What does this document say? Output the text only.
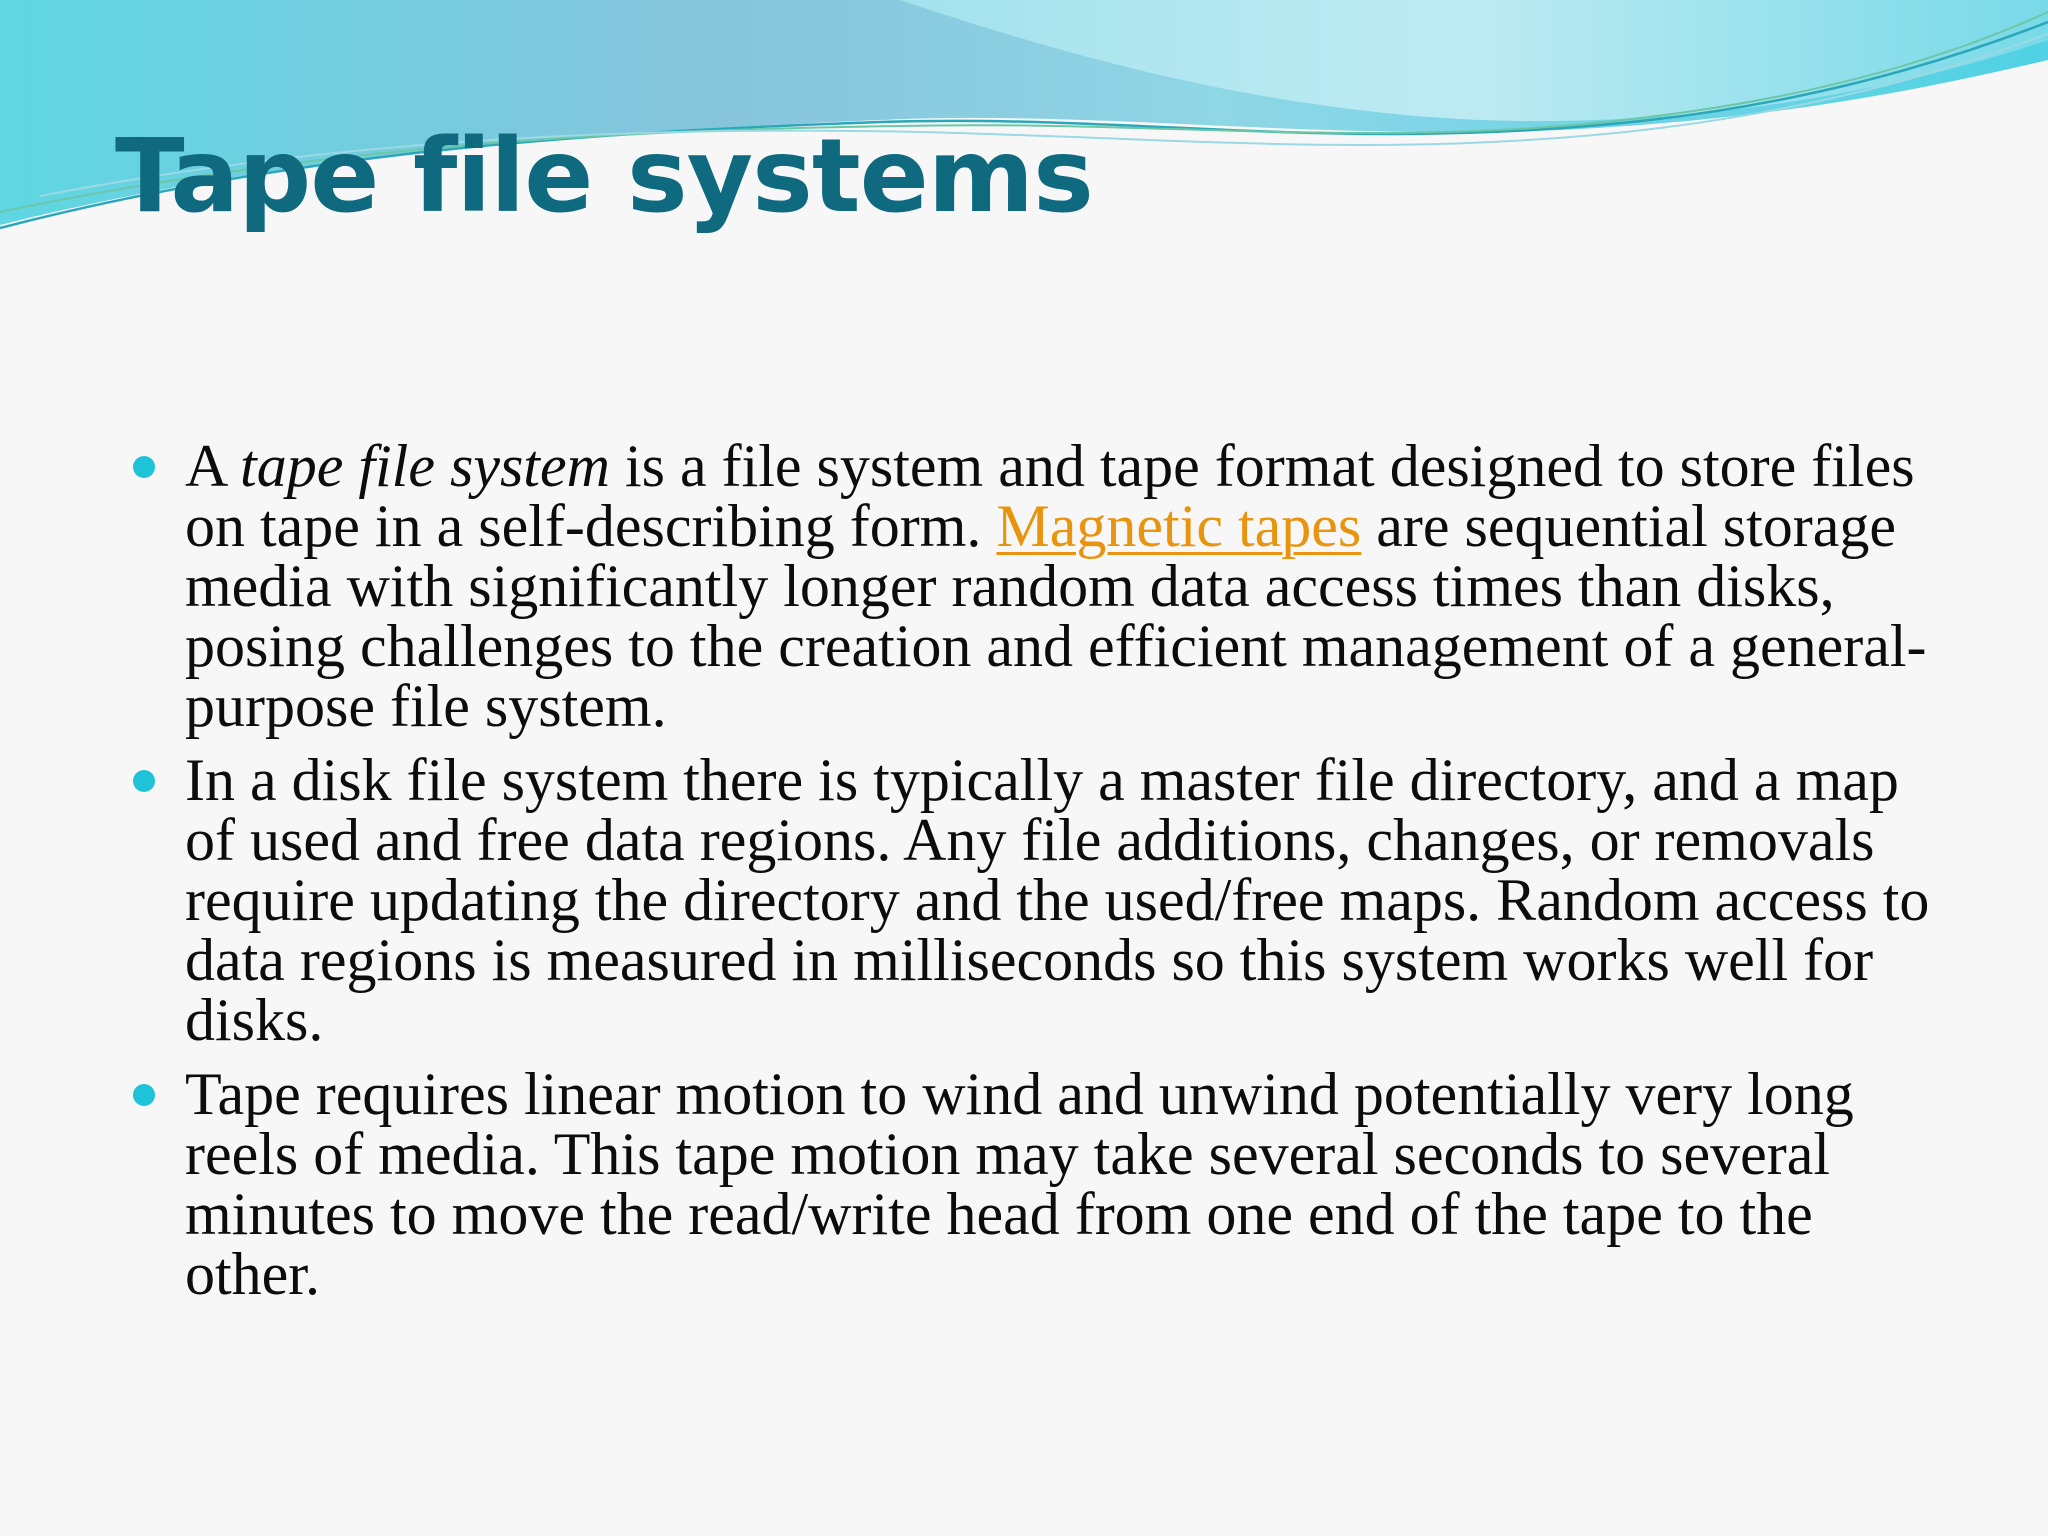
Tape file systems
A tape file system is a file system and tape format designed to store files on tape in a self-describing form. Magnetic tapes are sequential storage media with significantly longer random data access times than disks, posing challenges to the creation and efficient management of a general-purpose file system.
In a disk file system there is typically a master file directory, and a map of used and free data regions. Any file additions, changes, or removals require updating the directory and the used/free maps. Random access to data regions is measured in milliseconds so this system works well for disks.
Tape requires linear motion to wind and unwind potentially very long reels of media. This tape motion may take several seconds to several minutes to move the read/write head from one end of the tape to the other.
